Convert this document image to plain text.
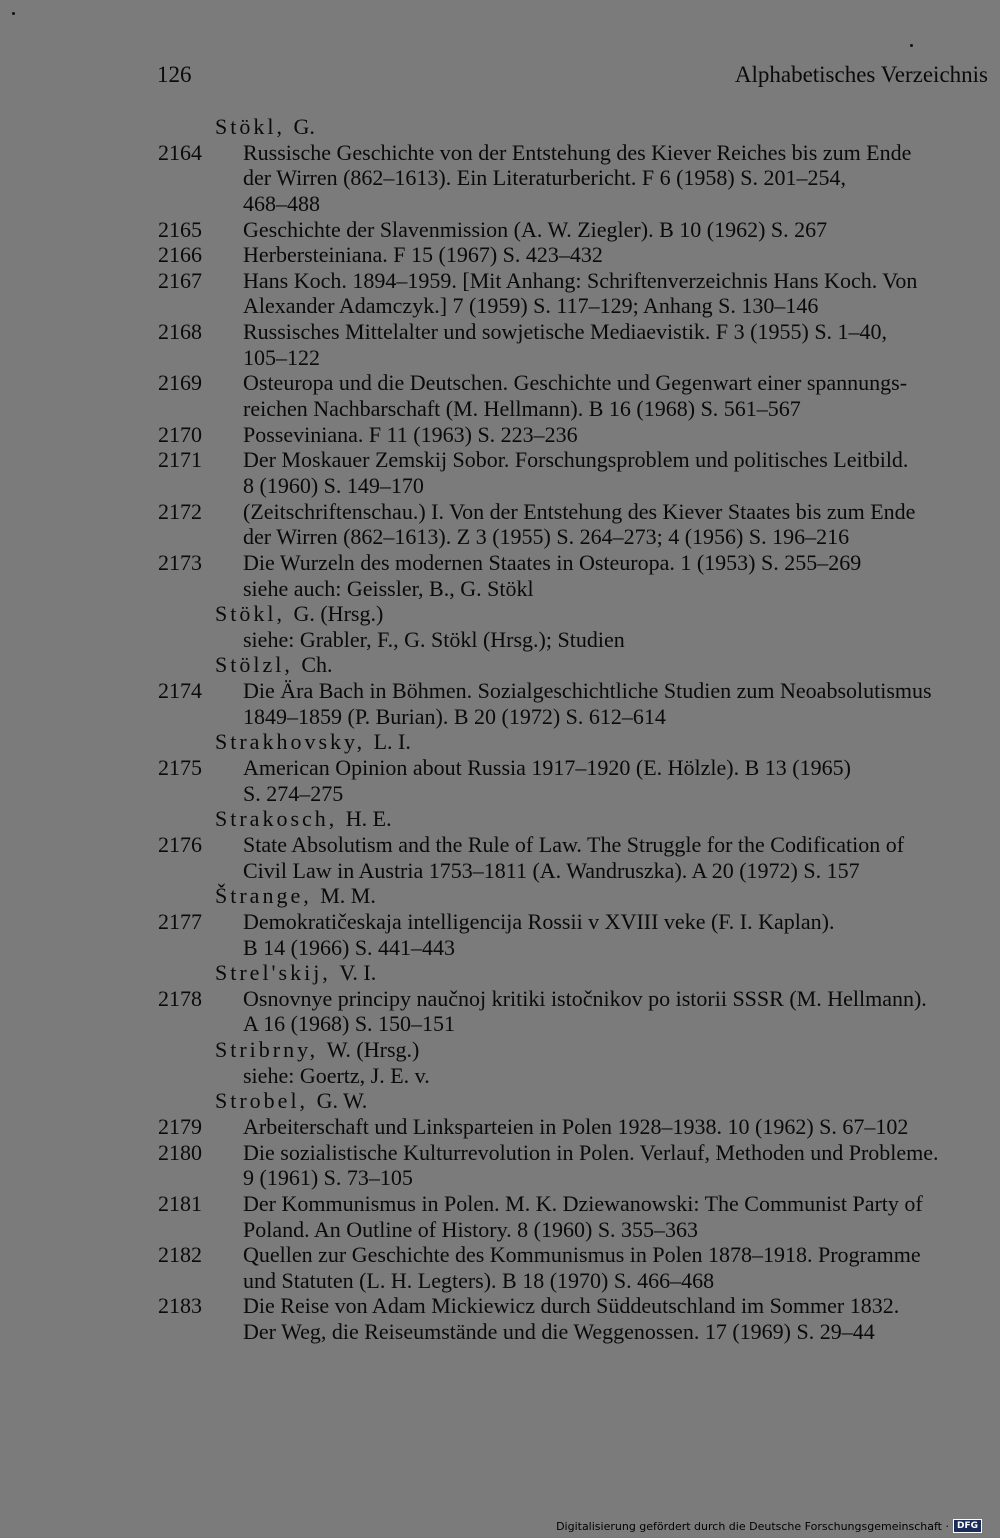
126	Alphabetisches Verzeichnis
Stökl, G.
2164 Russische Geschichte von der Entstehung des Kiever Reiches bis zum Ende
der Wirren (862–1613). Ein Literaturbericht. F 6 (1958) S. 201–254,
468–488
2165 Geschichte der Slavenmission (A. W. Ziegler). B 10 (1962) S. 267
2166 Herbersteiniana. F 15 (1967) S. 423–432
2167 Hans Koch. 1894–1959. [Mit Anhang: Schriftenverzeichnis Hans Koch. Von
Alexander Adamczyk.] 7 (1959) S. 117–129; Anhang S. 130–146
2168 Russisches Mittelalter und sowjetische Mediaevistik. F 3 (1955) S. 1–40,
105–122
2169 Osteuropa und die Deutschen. Geschichte und Gegenwart einer spannungs-
reichen Nachbarschaft (M. Hellmann). B 16 (1968) S. 561–567
2170 Posseviniana. F 11 (1963) S. 223–236
2171 Der Moskauer Zemskij Sobor. Forschungsproblem und politisches Leitbild.
8 (1960) S. 149–170
2172 (Zeitschriftenschau.) I. Von der Entstehung des Kiever Staates bis zum Ende
der Wirren (862–1613). Z 3 (1955) S. 264–273; 4 (1956) S. 196–216
2173 Die Wurzeln des modernen Staates in Osteuropa. 1 (1953) S. 255–269
siehe auch: Geissler, B., G. Stökl
Stökl, G. (Hrsg.)
siehe: Grabler, F., G. Stökl (Hrsg.); Studien
Stölzl, Ch.
2174 Die Ära Bach in Böhmen. Sozialgeschichtliche Studien zum Neoabsolutismus
1849–1859 (P. Burian). B 20 (1972) S. 612–614
Strakhovsky, L. I.
2175 American Opinion about Russia 1917–1920 (E. Hölzle). B 13 (1965)
S. 274–275
Strakosch, H. E.
2176 State Absolutism and the Rule of Law. The Struggle for the Codification of
Civil Law in Austria 1753–1811 (A. Wandruszka). A 20 (1972) S. 157
Štrange, M. M.
2177 Demokratičeskaja intelligencija Rossii v XVIII veke (F. I. Kaplan).
B 14 (1966) S. 441–443
Strel'skij, V. I.
2178 Osnovnye principy naučnoj kritiki istočnikov po istorii SSSR (M. Hellmann).
A 16 (1968) S. 150–151
Stribrny, W. (Hrsg.)
siehe: Goertz, J. E. v.
Strobel, G. W.
2179 Arbeiterschaft und Linksparteien in Polen 1928–1938. 10 (1962) S. 67–102
2180 Die sozialistische Kulturrevolution in Polen. Verlauf, Methoden und Probleme.
9 (1961) S. 73–105
2181 Der Kommunismus in Polen. M. K. Dziewanowski: The Communist Party of
Poland. An Outline of History. 8 (1960) S. 355–363
2182 Quellen zur Geschichte des Kommunismus in Polen 1878–1918. Programme
und Statuten (L. H. Legters). B 18 (1970) S. 466–468
2183 Die Reise von Adam Mickiewicz durch Süddeutschland im Sommer 1832.
Der Weg, die Reiseumstände und die Weggenossen. 17 (1969) S. 29–44
Digitalisierung gefördert durch die Deutsche Forschungsgemeinschaft · DFG
